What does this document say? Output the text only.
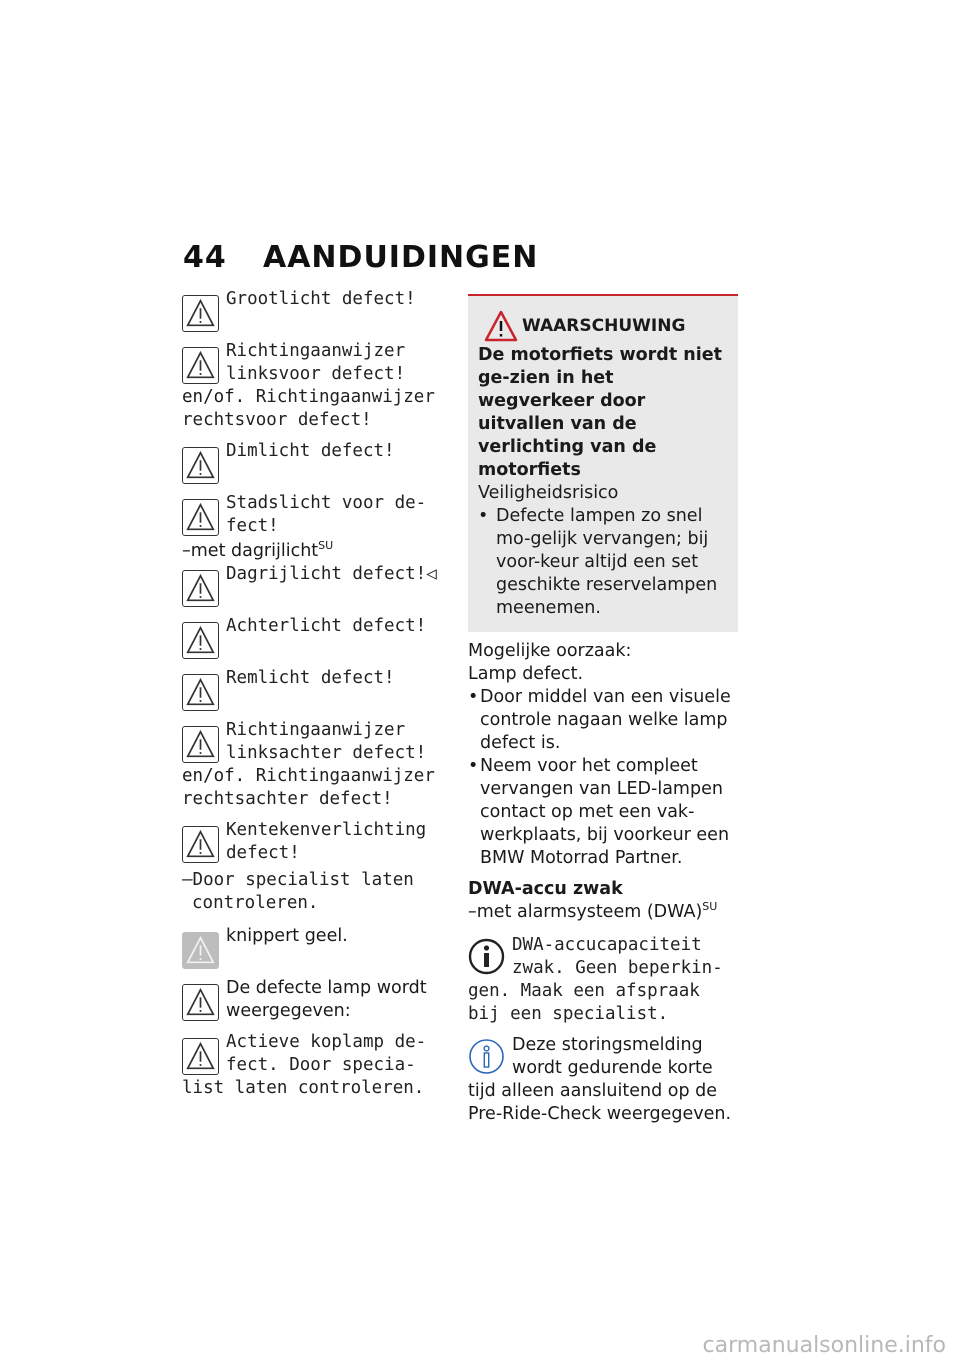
44 AANDUIDINGEN
Grootlicht defect!
Richtingaanwijzer linksvoor defect!
en/of. Richtingaanwijzer rechtsvoor defect!
Dimlicht defect!
Stadslicht voor de-fect!
–met dagrijlicht$^{SU}$
Dagrijlicht defect!◁
Achterlicht defect!
Remlicht defect!
Richtingaanwijzer linksachter defect!
en/of. Richtingaanwijzer rechtsachter defect!
Kentekenverlichting defect!
–Door specialist laten controleren.
knippert geel.
De defecte lamp wordt weergegeven:
Actieve koplamp de-fect. Door specia-list laten controleren.
WAARSCHUWING
De motorfiets wordt niet ge-zien in het wegverkeer door uitvallen van de verlichting van de motorfiets
Veiligheidsrisico
• Defecte lampen zo snel mo-gelijk vervangen; bij voor-keur altijd een set geschikte reservelampen meenemen.
Mogelijke oorzaak:
Lamp defect.
• Door middel van een visuele controle nagaan welke lamp defect is.
• Neem voor het compleet vervangen van LED-lampen contact op met een vak-werkplaats, bij voorkeur een BMW Motorrad Partner.
DWA-accu zwak
–met alarmsysteem (DWA)$^{SU}$
DWA-accucapaciteit zwak. Geen beperkin-gen. Maak een afspraak bij een specialist.
Deze storingsmelding wordt gedurende korte tijd alleen aansluitend op de Pre-Ride-Check weergegeven.
carmanualsonline.info
